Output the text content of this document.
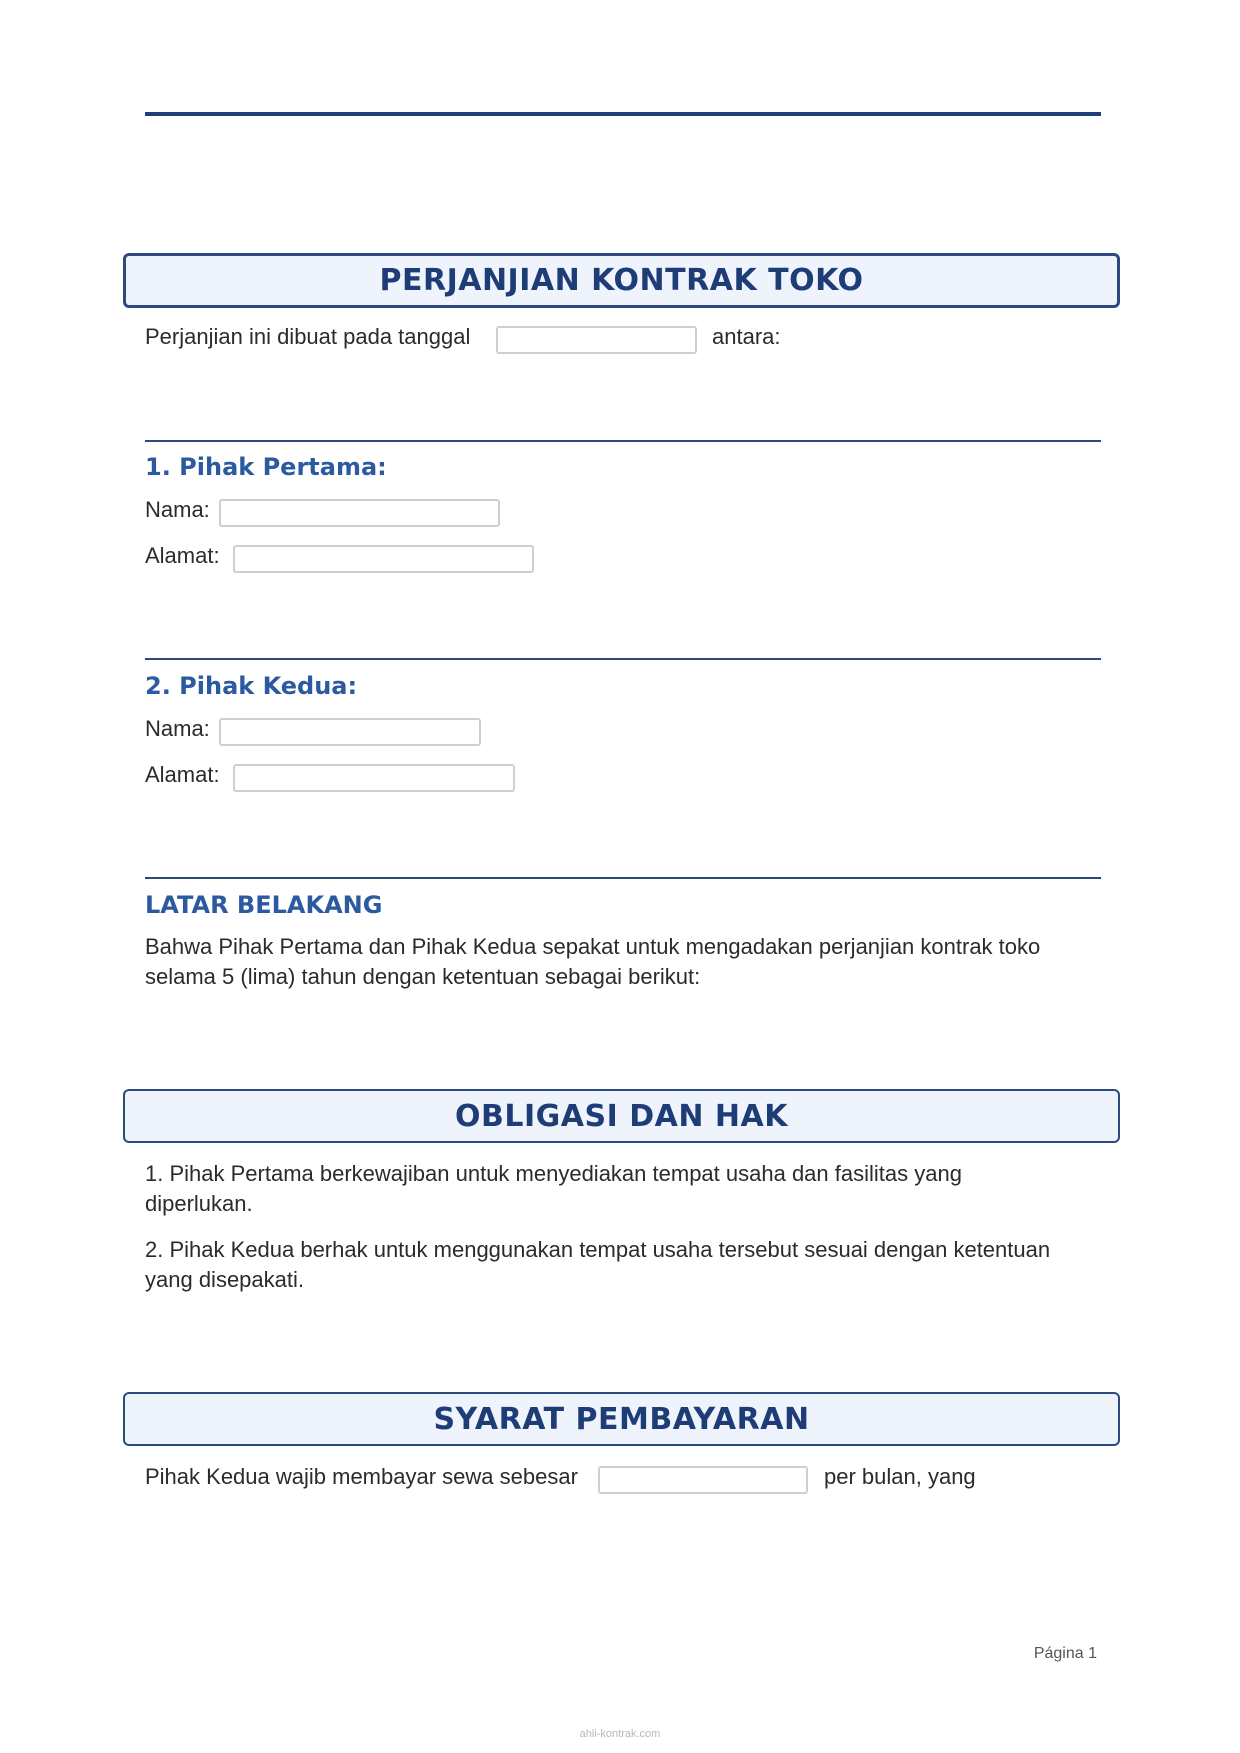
PERJANJIAN KONTRAK TOKO
Perjanjian ini dibuat pada tanggal	antara:
1. Pihak Pertama:
Nama:
Alamat:
2. Pihak Kedua:
Nama:
Alamat:
LATAR BELAKANG
Bahwa Pihak Pertama dan Pihak Kedua sepakat untuk mengadakan perjanjian kontrak toko
selama 5 (lima) tahun dengan ketentuan sebagai berikut:
OBLIGASI DAN HAK
1. Pihak Pertama berkewajiban untuk menyediakan tempat usaha dan fasilitas yang
diperlukan.
2. Pihak Kedua berhak untuk menggunakan tempat usaha tersebut sesuai dengan ketentuan
yang disepakati.
SYARAT PEMBAYARAN
Pihak Kedua wajib membayar sewa sebesar	per bulan, yang
Página 1
ahli-kontrak.com
